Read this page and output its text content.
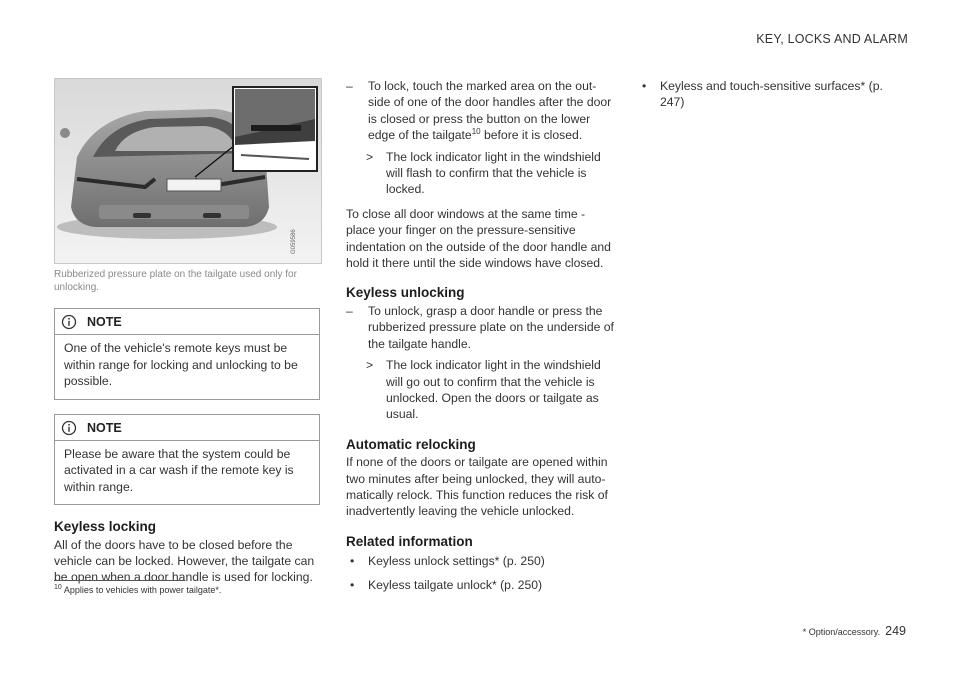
KEY, LOCKS AND ALARM
G059586
Rubberized pressure plate on the tailgate used only for unlocking.
NOTE
One of the vehicle's remote keys must be within range for locking and unlocking to be possible.
NOTE
Please be aware that the system could be activated in a car wash if the remote key is within range.
Keyless locking

All of the doors have to be closed before the vehicle can be locked. However, the tailgate can be open when a door handle is used for locking.

– To lock, touch the marked area on the out-side of one of the door handles after the door is closed or press the button on the lower edge of the tailgate$^{10}$ before it is closed.
> The lock indicator light in the windshield will flash to confirm that the vehicle is locked.

To close all door windows at the same time - place your finger on the pressure-sensitive indentation on the outside of the door handle and hold it there until the side windows have closed.

Keyless unlocking
– To unlock, grasp a door handle or press the rubberized pressure plate on the underside of the tailgate handle.
> The lock indicator light in the windshield will go out to confirm that the vehicle is unlocked. Open the doors or tailgate as usual.
Automatic relocking

If none of the doors or tailgate are opened within two minutes after being unlocked, they will auto-matically relock. This function reduces the risk of inadvertently leaving the vehicle unlocked.

Related information
• Keyless unlock settings* (p. 250)
• Keyless tailgate unlock* (p. 250)
• Keyless and touch-sensitive surfaces* (p. 247)
$^{10}$ Applies to vehicles with power tailgate*.
* Option/accessory. 249
